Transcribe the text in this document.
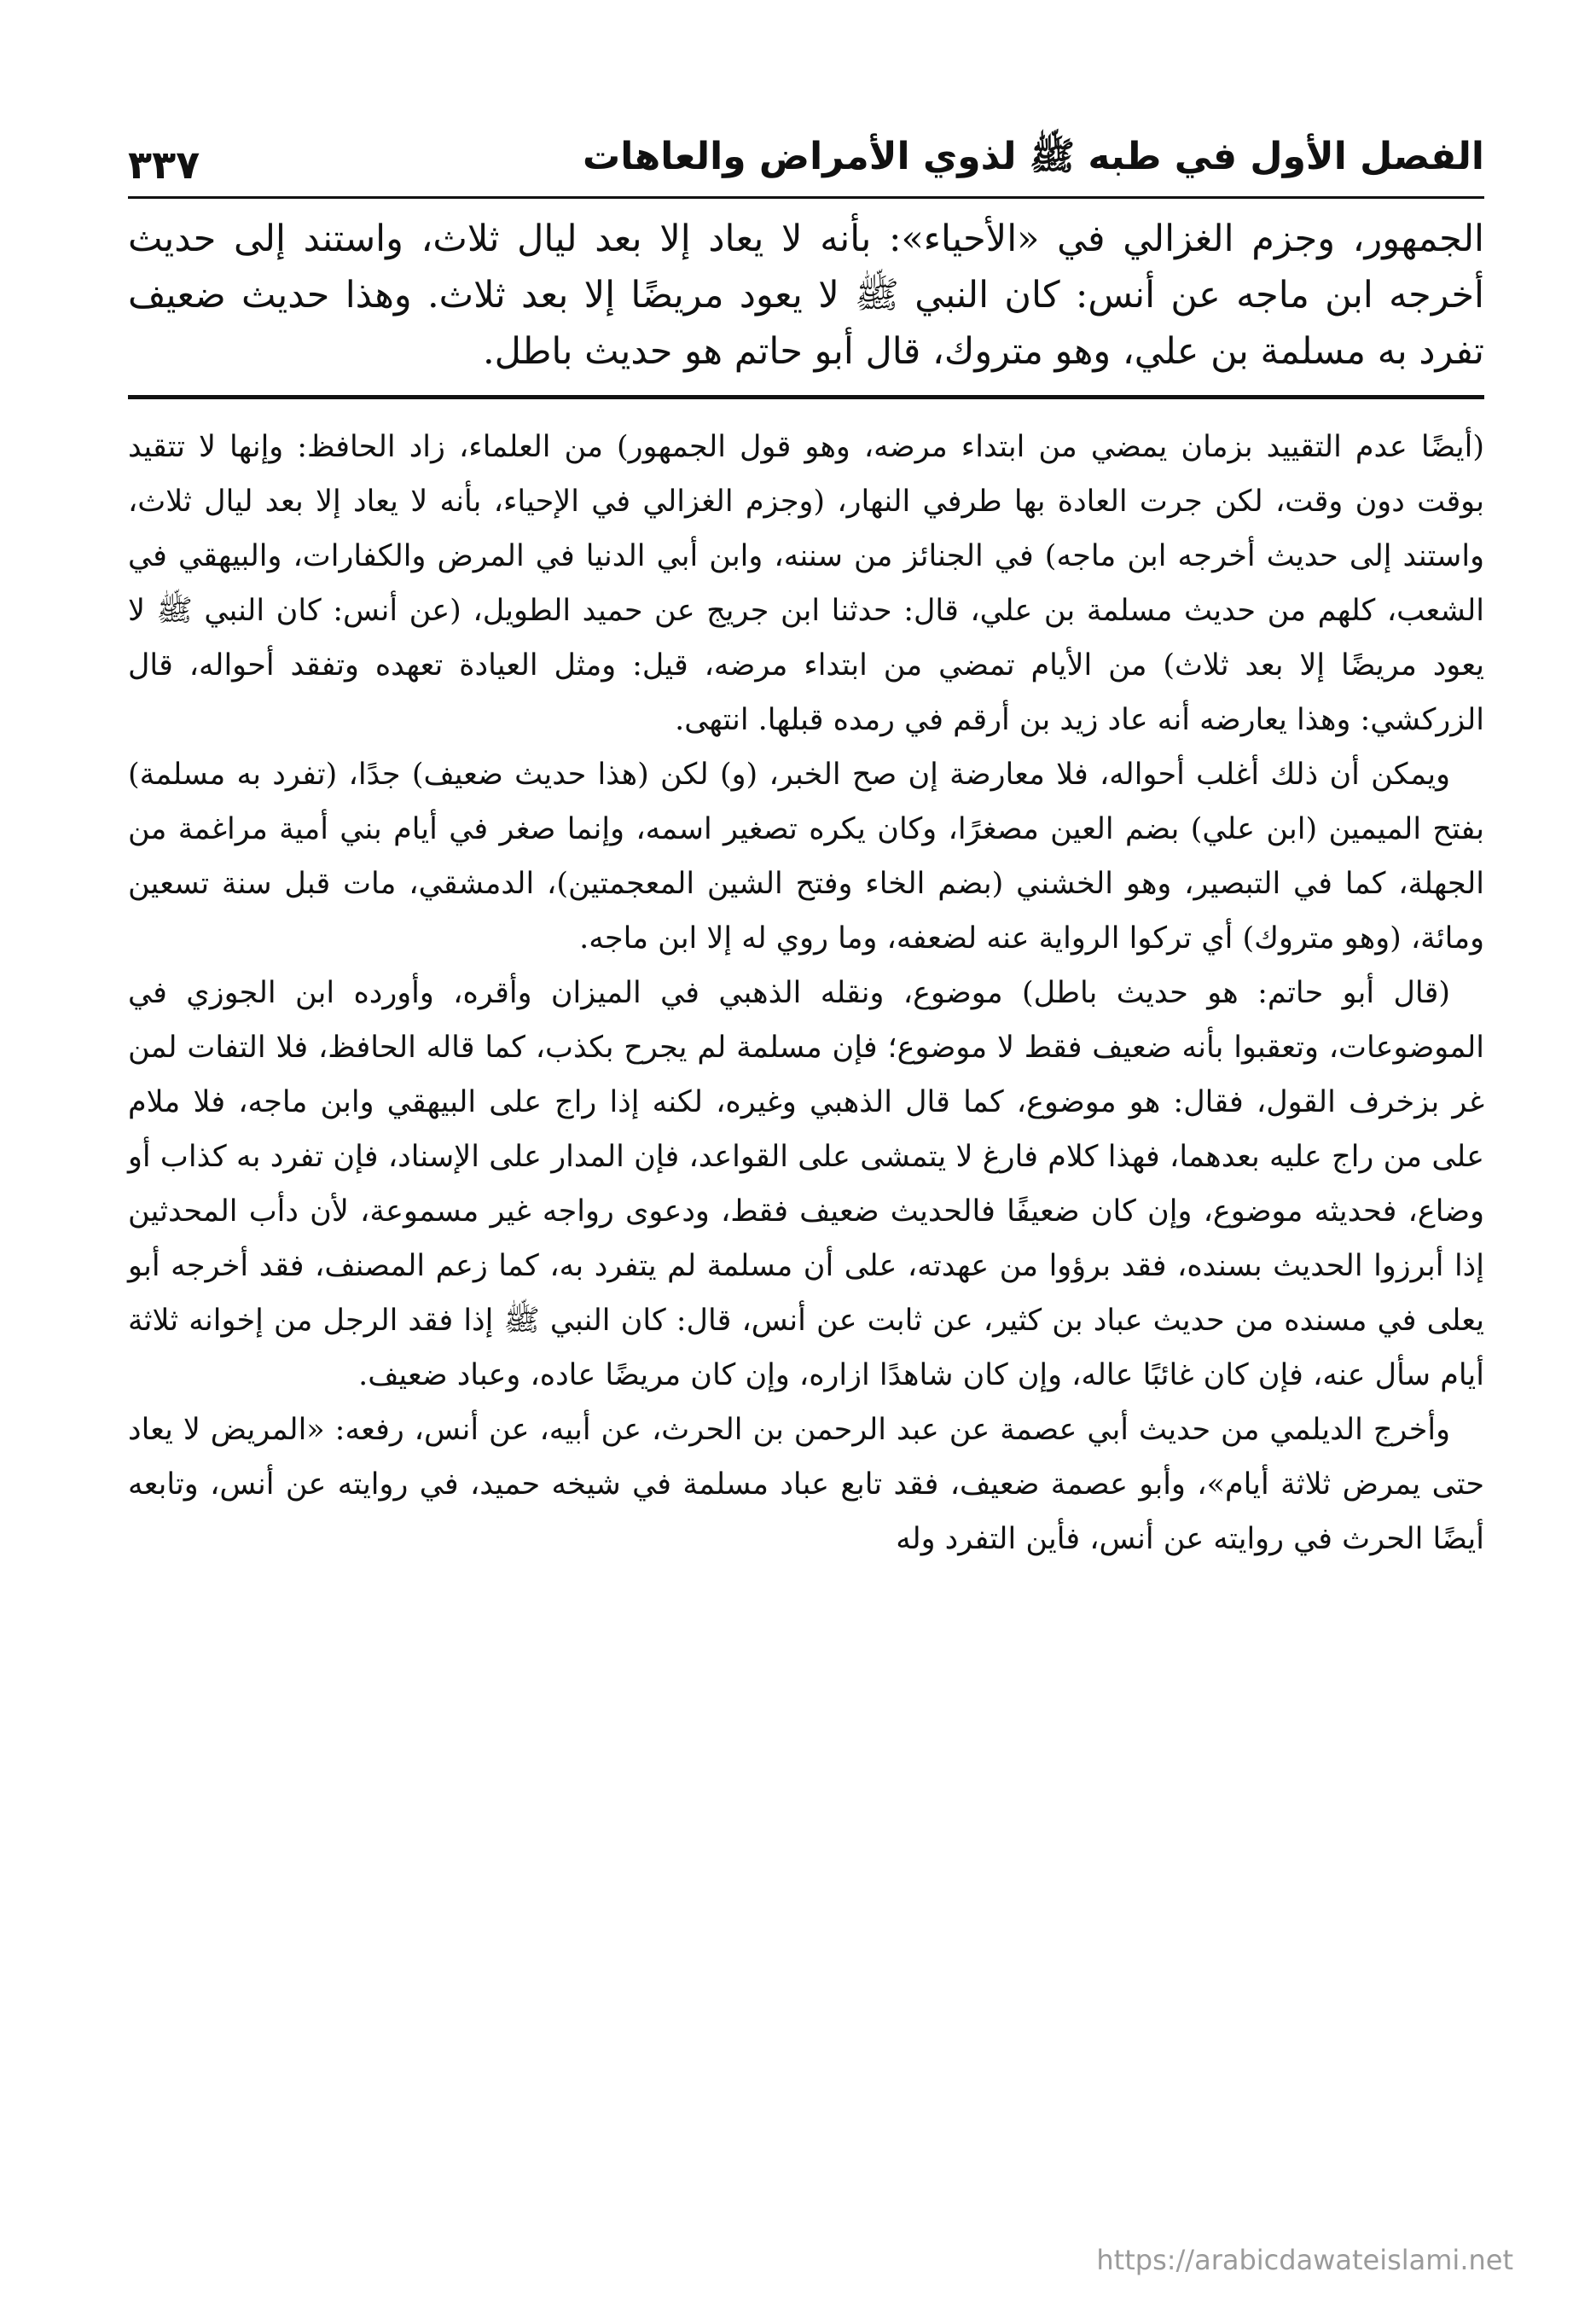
الفصل الأول في طبه ﷺ لذوي الأمراض والعاهات
٣٣٧

الجمهور، وجزم الغزالي في «الأحياء»: بأنه لا يعاد إلا بعد ليال ثلاث، واستند إلى حديث أخرجه ابن ماجه عن أنس: كان النبي ﷺ لا يعود مريضًا إلا بعد ثلاث. وهذا حديث ضعيف تفرد به مسلمة بن علي، وهو متروك، قال أبو حاتم هو حديث باطل.

(أيضًا عدم التقييد بزمان يمضي من ابتداء مرضه، وهو قول الجمهور) من العلماء، زاد الحافظ: وإنها لا تتقيد بوقت دون وقت، لكن جرت العادة بها طرفي النهار، (وجزم الغزالي في الإحياء، بأنه لا يعاد إلا بعد ليال ثلاث، واستند إلى حديث أخرجه ابن ماجه) في الجنائز من سننه، وابن أبي الدنيا في المرض والكفارات، والبيهقي في الشعب، كلهم من حديث مسلمة بن علي، قال: حدثنا ابن جريج عن حميد الطويل، (عن أنس: كان النبي ﷺ لا يعود مريضًا إلا بعد ثلاث) من الأيام تمضي من ابتداء مرضه، قيل: ومثل العيادة تعهده وتفقد أحواله، قال الزركشي: وهذا يعارضه أنه عاد زيد بن أرقم في رمده قبلها. انتهى.

ويمكن أن ذلك أغلب أحواله، فلا معارضة إن صح الخبر، (و) لكن (هذا حديث ضعيف) جدًا، (تفرد به مسلمة) بفتح الميمين (ابن علي) بضم العين مصغرًا، وكان يكره تصغير اسمه، وإنما صغر في أيام بني أمية مراغمة من الجهلة، كما في التبصير، وهو الخشني (بضم الخاء وفتح الشين المعجمتين)، الدمشقي، مات قبل سنة تسعين ومائة، (وهو متروك) أي تركوا الرواية عنه لضعفه، وما روي له إلا ابن ماجه.

(قال أبو حاتم: هو حديث باطل) موضوع، ونقله الذهبي في الميزان وأقره، وأورده ابن الجوزي في الموضوعات، وتعقبوا بأنه ضعيف فقط لا موضوع؛ فإن مسلمة لم يجرح بكذب، كما قاله الحافظ، فلا التفات لمن غر بزخرف القول، فقال: هو موضوع، كما قال الذهبي وغيره، لكنه إذا راج على البيهقي وابن ماجه، فلا ملام على من راج عليه بعدهما، فهذا كلام فارغ لا يتمشى على القواعد، فإن المدار على الإسناد، فإن تفرد به كذاب أو وضاع، فحديثه موضوع، وإن كان ضعيفًا فالحديث ضعيف فقط، ودعوى رواجه غير مسموعة، لأن دأب المحدثين إذا أبرزوا الحديث بسنده، فقد برؤوا من عهدته، على أن مسلمة لم يتفرد به، كما زعم المصنف، فقد أخرجه أبو يعلى في مسنده من حديث عباد بن كثير، عن ثابت عن أنس، قال: كان النبي ﷺ إذا فقد الرجل من إخوانه ثلاثة أيام سأل عنه، فإن كان غائبًا عاله، وإن كان شاهدًا ازاره، وإن كان مريضًا عاده، وعباد ضعيف.

وأخرج الديلمي من حديث أبي عصمة عن عبد الرحمن بن الحرث، عن أبيه، عن أنس، رفعه: «المريض لا يعاد حتى يمرض ثلاثة أيام»، وأبو عصمة ضعيف، فقد تابع عباد مسلمة في شيخه حميد، في روايته عن أنس، وتابعه أيضًا الحرث في روايته عن أنس، فأين التفرد وله

https://arabicdawateislami.net
